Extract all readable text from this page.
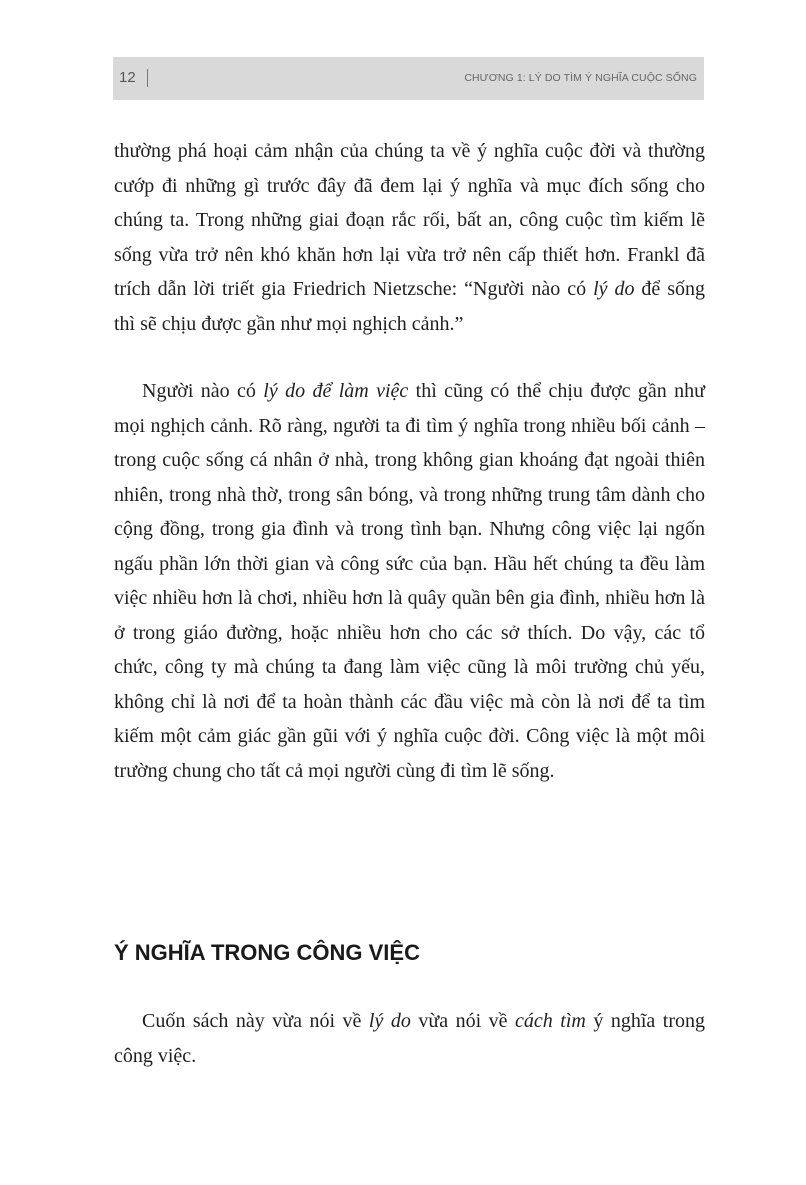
12	CHƯƠNG 1: LÝ DO TÌM Ý NGHĨA CUỘC SỐNG

thường phá hoại cảm nhận của chúng ta về ý nghĩa cuộc đời và thường cướp đi những gì trước đây đã đem lại ý nghĩa và mục đích sống cho chúng ta. Trong những giai đoạn rắc rối, bất an, công cuộc tìm kiếm lẽ sống vừa trở nên khó khăn hơn lại vừa trở nên cấp thiết hơn. Frankl đã trích dẫn lời triết gia Friedrich Nietzsche: “Người nào có lý do để sống thì sẽ chịu được gần như mọi nghịch cảnh.”

Người nào có lý do để làm việc thì cũng có thể chịu được gần như mọi nghịch cảnh. Rõ ràng, người ta đi tìm ý nghĩa trong nhiều bối cảnh – trong cuộc sống cá nhân ở nhà, trong không gian khoáng đạt ngoài thiên nhiên, trong nhà thờ, trong sân bóng, và trong những trung tâm dành cho cộng đồng, trong gia đình và trong tình bạn. Nhưng công việc lại ngốn ngấu phần lớn thời gian và công sức của bạn. Hầu hết chúng ta đều làm việc nhiều hơn là chơi, nhiều hơn là quây quần bên gia đình, nhiều hơn là ở trong giáo đường, hoặc nhiều hơn cho các sở thích. Do vậy, các tổ chức, công ty mà chúng ta đang làm việc cũng là môi trường chủ yếu, không chỉ là nơi để ta hoàn thành các đầu việc mà còn là nơi để ta tìm kiếm một cảm giác gần gũi với ý nghĩa cuộc đời. Công việc là một môi trường chung cho tất cả mọi người cùng đi tìm lẽ sống.

Ý NGHĨA TRONG CÔNG VIỆC

Cuốn sách này vừa nói về lý do vừa nói về cách tìm ý nghĩa trong công việc.
